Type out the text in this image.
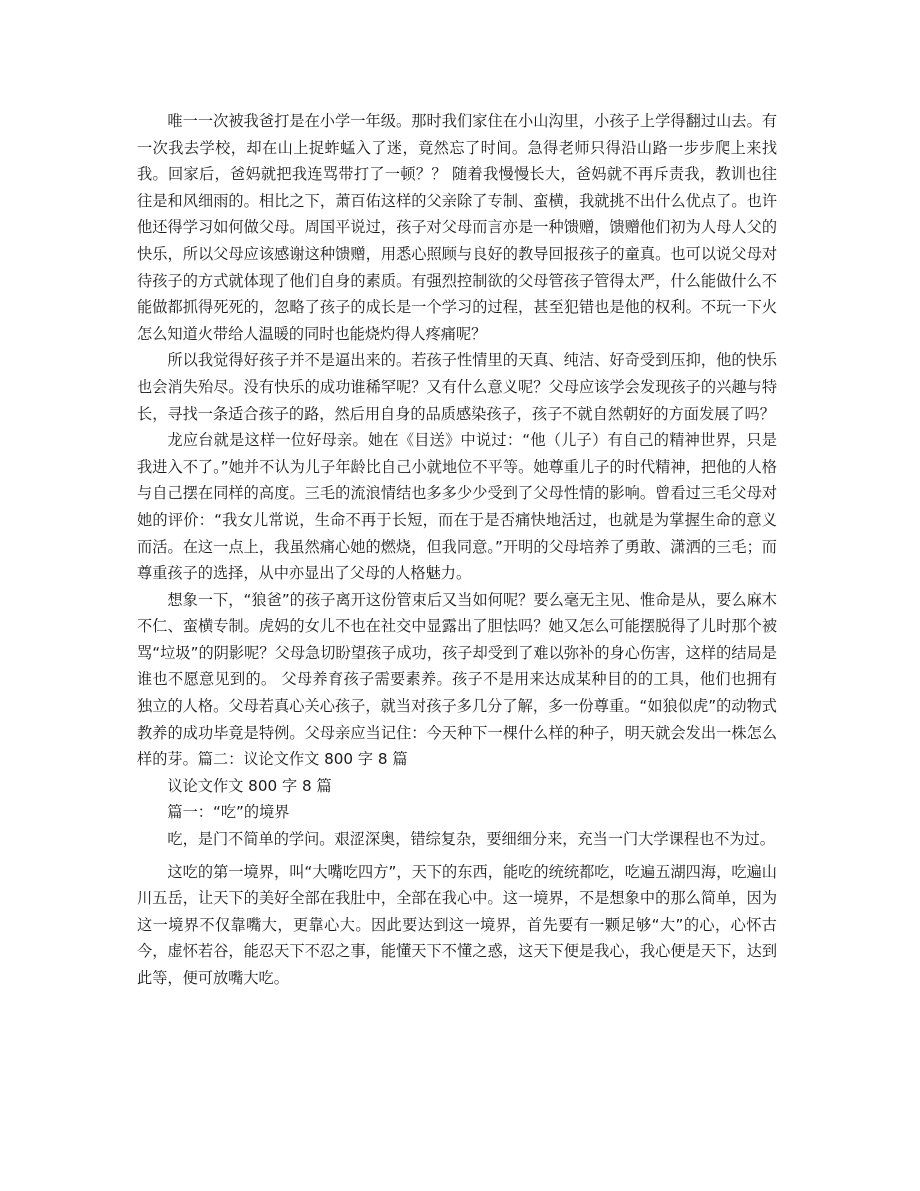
唯一一次被我爸打是在小学一年级。那时我们家住在小山沟里，小孩子上学得翻过山去。有一次我去学校，却在山上捉蚱蜢入了迷，竟然忘了时间。急得老师只得沿山路一步步爬上来找我。回家后，爸妈就把我连骂带打了一顿？？ 随着我慢慢长大，爸妈就不再斥责我，教训也往往是和风细雨的。相比之下，萧百佑这样的父亲除了专制、蛮横，我就挑不出什么优点了。也许他还得学习如何做父母。周国平说过，孩子对父母而言亦是一种馈赠，馈赠他们初为人母人父的快乐，所以父母应该感谢这种馈赠，用悉心照顾与良好的教导回报孩子的童真。也可以说父母对待孩子的方式就体现了他们自身的素质。有强烈控制欲的父母管孩子管得太严，什么能做什么不能做都抓得死死的，忽略了孩子的成长是一个学习的过程，甚至犯错也是他的权利。不玩一下火怎么知道火带给人温暖的同时也能烧灼得人疼痛呢？

所以我觉得好孩子并不是逼出来的。若孩子性情里的天真、纯洁、好奇受到压抑，他的快乐也会消失殆尽。没有快乐的成功谁稀罕呢？又有什么意义呢？父母应该学会发现孩子的兴趣与特长，寻找一条适合孩子的路，然后用自身的品质感染孩子，孩子不就自然朝好的方面发展了吗？

龙应台就是这样一位好母亲。她在《目送》中说过：“他（儿子）有自己的精神世界，只是我进入不了。”她并不认为儿子年龄比自己小就地位不平等。她尊重儿子的时代精神，把他的人格与自己摆在同样的高度。三毛的流浪情结也多多少少受到了父母性情的影响。曾看过三毛父母对她的评价：“我女儿常说，生命不再于长短，而在于是否痛快地活过，也就是为掌握生命的意义而活。在这一点上，我虽然痛心她的燃烧，但我同意。”开明的父母培养了勇敢、潇洒的三毛；而尊重孩子的选择，从中亦显出了父母的人格魅力。

想象一下，“狼爸”的孩子离开这份管束后又当如何呢？要么毫无主见、惟命是从，要么麻木不仁、蛮横专制。虎妈的女儿不也在社交中显露出了胆怯吗？她又怎么可能摆脱得了儿时那个被骂“垃圾”的阴影呢？父母急切盼望孩子成功，孩子却受到了难以弥补的身心伤害，这样的结局是谁也不愿意见到的。 父母养育孩子需要素养。孩子不是用来达成某种目的的工具，他们也拥有独立的人格。父母若真心关心孩子，就当对孩子多几分了解，多一份尊重。“如狼似虎”的动物式教养的成功毕竟是特例。父母亲应当记住：今天种下一棵什么样的种子，明天就会发出一株怎么样的芽。篇二：议论文作文 800 字 8 篇

议论文作文 800 字 8 篇

篇一：“吃”的境界

吃，是门不简单的学问。艰涩深奥，错综复杂，要细细分来，充当一门大学课程也不为过。

这吃的第一境界，叫“大嘴吃四方”，天下的东西，能吃的统统都吃，吃遍五湖四海，吃遍山川五岳，让天下的美好全部在我肚中，全部在我心中。这一境界，不是想象中的那么简单，因为这一境界不仅靠嘴大，更靠心大。因此要达到这一境界，首先要有一颗足够“大”的心，心怀古今，虚怀若谷，能忍天下不忍之事，能懂天下不懂之惑，这天下便是我心，我心便是天下，达到此等，便可放嘴大吃。
